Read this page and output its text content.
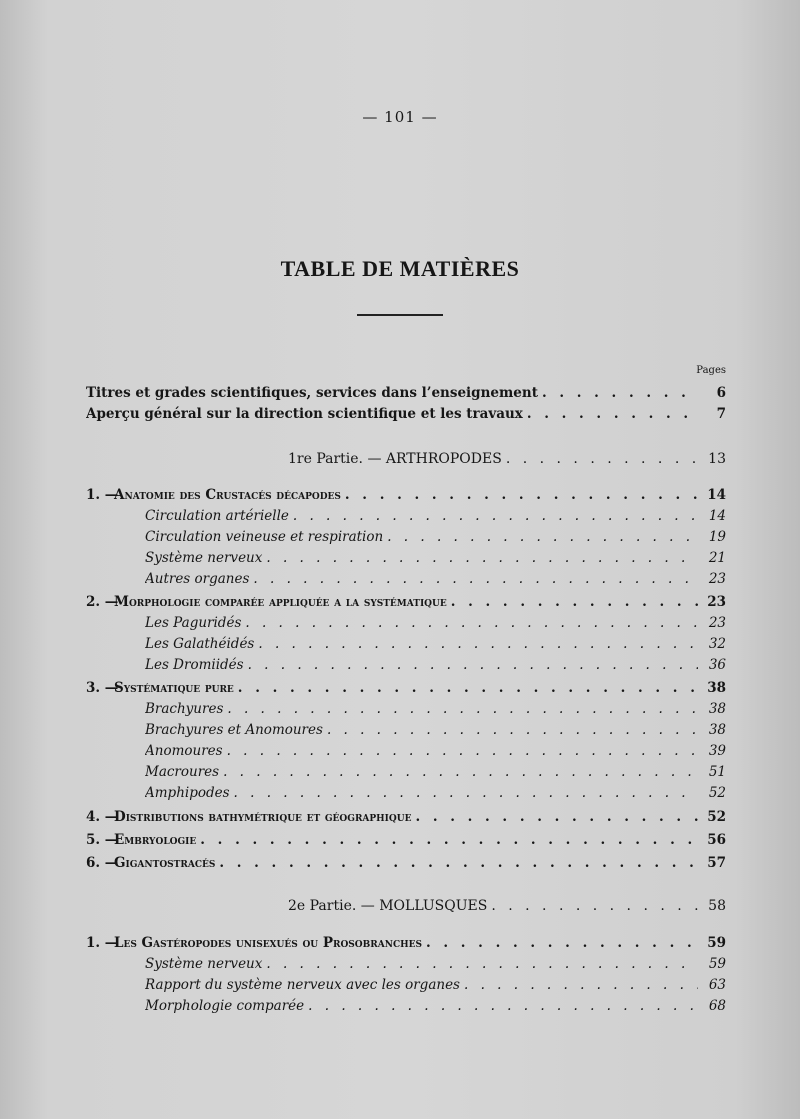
— 101 —
TABLE DE MATIÈRES
Pages
Titres et grades scientifiques, services dans l’enseignement . . .	6
Aperçu général sur la direction scientifique et les travaux . . .	7
1re Partie. — ARTHROPODES . . .	13
1. —
Anatomie des Crustacés décapodes . . .	14
Circulation artérielle . . .	14
Circulation veineuse et respiration . . .	19
Système nerveux . . .	21
Autres organes . . .	23
2. —
Morphologie comparée appliquée a la systématique . . .	23
Les Paguridés . . .	23
Les Galathéidés . . .	32
Les Dromiidés . . .	36
3. —
Systématique pure . . .	38
Brachyures . . .	38
Brachyures et Anomoures . . .	38
Anomoures . . .	39
Macroures . . .	51
Amphipodes . . .	52
4. —
Distributions bathymétrique et géographique . . .	52
5. —
Embryologie . . .	56
6. —
Gigantostracés . . .	57
2e Partie. — MOLLUSQUES . . .	58
1. —
Les Gastéropodes unisexués ou Prosobranches . . .	59
Système nerveux . . .	59
Rapport du système nerveux avec les organes . . .	63
Morphologie comparée . . .	68
